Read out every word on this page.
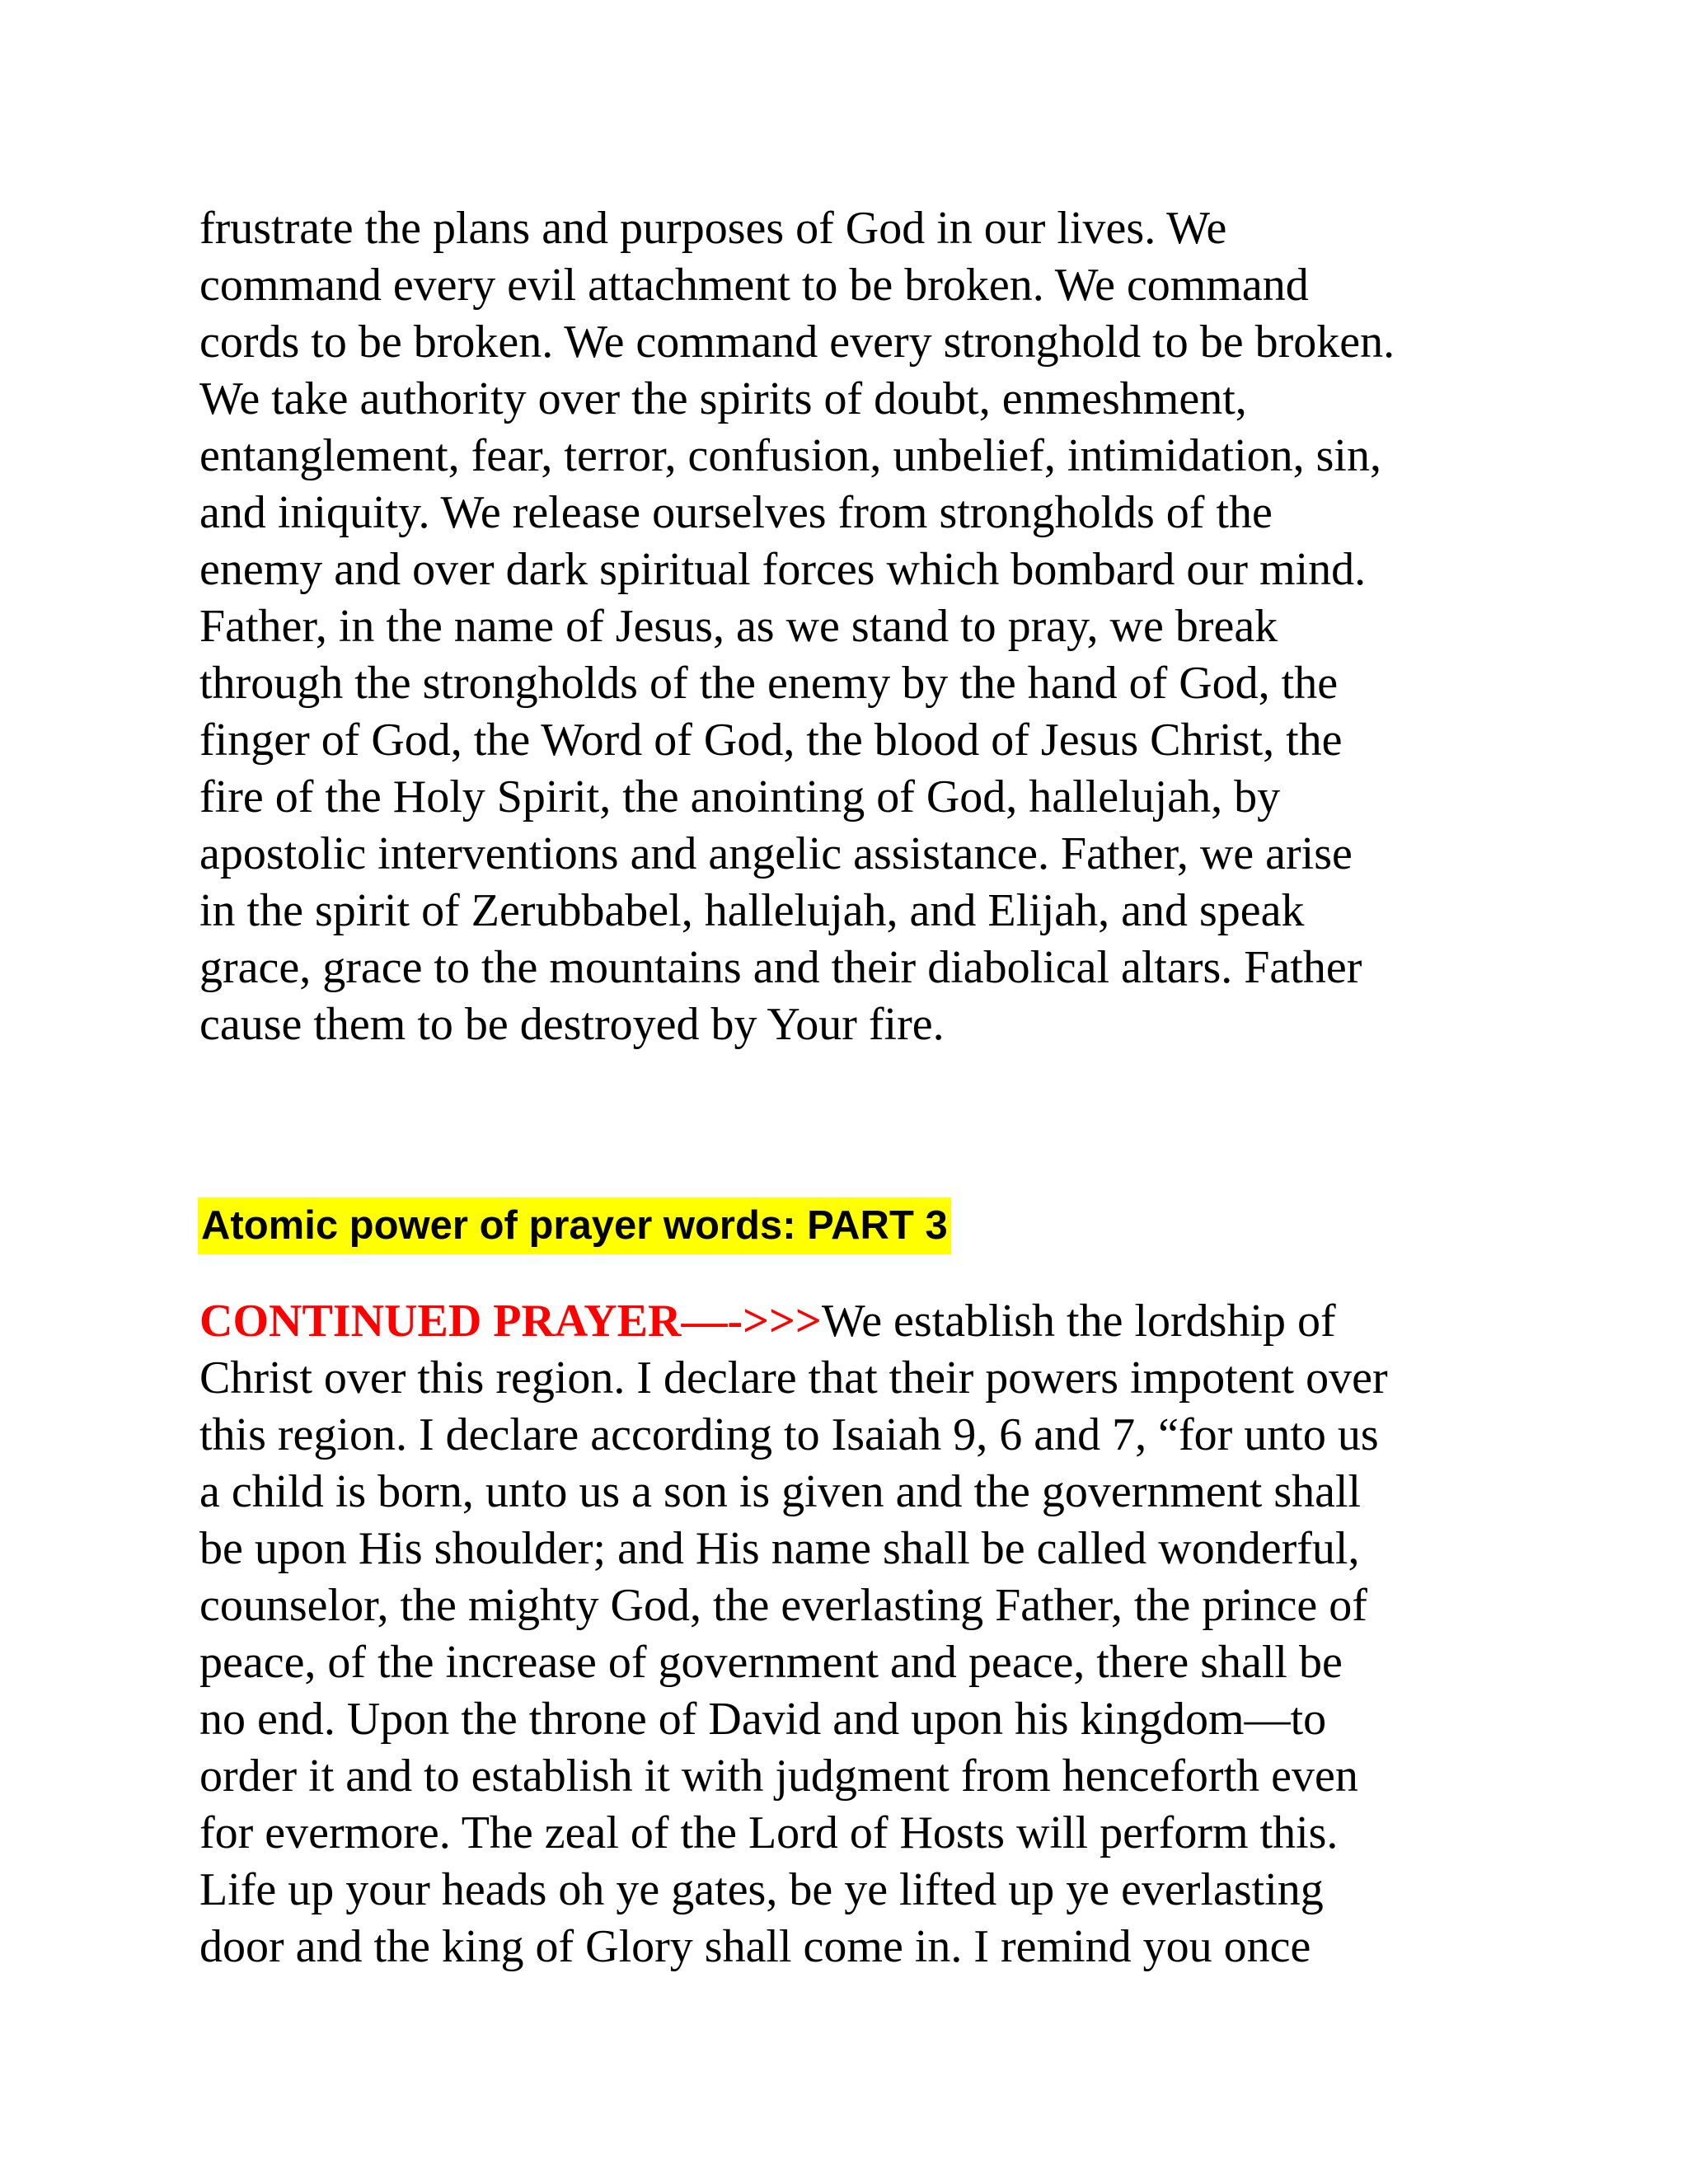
frustrate the plans and purposes of God in our lives. We
command every evil attachment to be broken. We command
cords to be broken. We command every stronghold to be broken.
We take authority over the spirits of doubt, enmeshment,
entanglement, fear, terror, confusion, unbelief, intimidation, sin,
and iniquity. We release ourselves from strongholds of the
enemy and over dark spiritual forces which bombard our mind.
Father, in the name of Jesus, as we stand to pray, we break
through the strongholds of the enemy by the hand of God, the
finger of God, the Word of God, the blood of Jesus Christ, the
fire of the Holy Spirit, the anointing of God, hallelujah, by
apostolic interventions and angelic assistance. Father, we arise
in the spirit of Zerubbabel, hallelujah, and Elijah, and speak
grace, grace to the mountains and their diabolical altars. Father
cause them to be destroyed by Your fire.
Atomic power of prayer words: PART 3
CONTINUED PRAYER—->>>We establish the lordship of
Christ over this region. I declare that their powers impotent over
this region. I declare according to Isaiah 9, 6 and 7, “for unto us
a child is born, unto us a son is given and the government shall
be upon His shoulder; and His name shall be called wonderful,
counselor, the mighty God, the everlasting Father, the prince of
peace, of the increase of government and peace, there shall be
no end. Upon the throne of David and upon his kingdom—to
order it and to establish it with judgment from henceforth even
for evermore. The zeal of the Lord of Hosts will perform this.
Life up your heads oh ye gates, be ye lifted up ye everlasting
door and the king of Glory shall come in. I remind you once
